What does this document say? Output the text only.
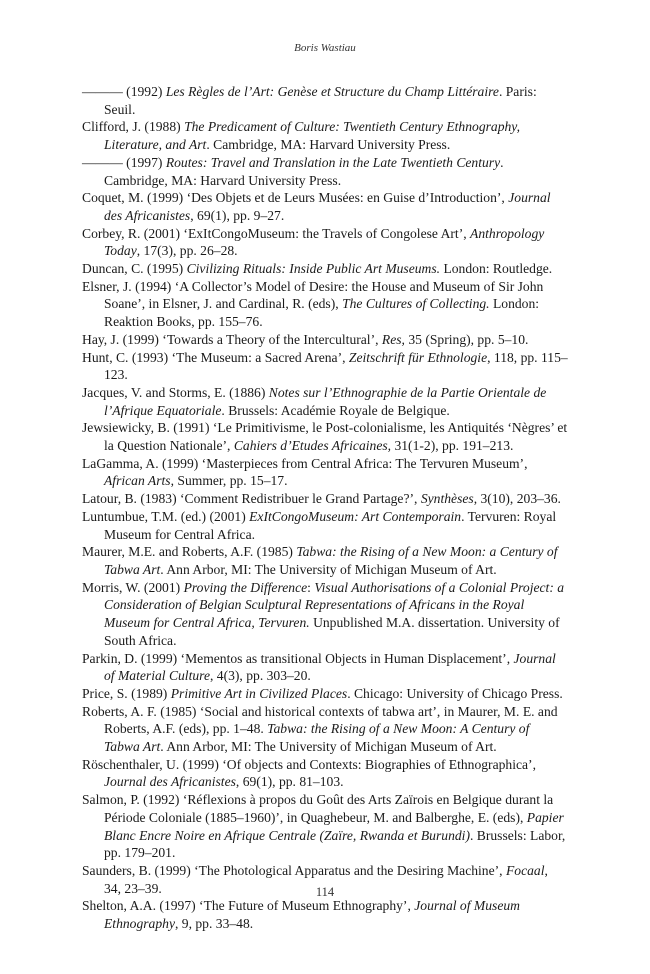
Boris Wastiau

——— (1992) Les Règles de l’Art: Genèse et Structure du Champ Littéraire. Paris: Seuil.

Clifford, J. (1988) The Predicament of Culture: Twentieth Century Ethnography, Literature, and Art. Cambridge, MA: Harvard University Press.

——— (1997) Routes: Travel and Translation in the Late Twentieth Century. Cambridge, MA: Harvard University Press.

Coquet, M. (1999) ‘Des Objets et de Leurs Musées: en Guise d’Introduction’, Journal des Africanistes, 69(1), pp. 9–27.

Corbey, R. (2001) ‘ExItCongoMuseum: the Travels of Congolese Art’, Anthropology Today, 17(3), pp. 26–28.

Duncan, C. (1995) Civilizing Rituals: Inside Public Art Museums. London: Routledge.

Elsner, J. (1994) ‘A Collector’s Model of Desire: the House and Museum of Sir John Soane’, in Elsner, J. and Cardinal, R. (eds), The Cultures of Collecting. London: Reaktion Books, pp. 155–76.

Hay, J. (1999) ‘Towards a Theory of the Intercultural’, Res, 35 (Spring), pp. 5–10.

Hunt, C. (1993) ‘The Museum: a Sacred Arena’, Zeitschrift für Ethnologie, 118, pp. 115–123.

Jacques, V. and Storms, E. (1886) Notes sur l’Ethnographie de la Partie Orientale de l’Afrique Equatoriale. Brussels: Académie Royale de Belgique.

Jewsiewicky, B. (1991) ‘Le Primitivisme, le Post-colonialisme, les Antiquités ‘Nègres’ et la Question Nationale’, Cahiers d’Etudes Africaines, 31(1-2), pp. 191–213.

LaGamma, A. (1999) ‘Masterpieces from Central Africa: The Tervuren Museum’, African Arts, Summer, pp. 15–17.

Latour, B. (1983) ‘Comment Redistribuer le Grand Partage?’, Synthèses, 3(10), 203–36.

Luntumbue, T.M. (ed.) (2001) ExItCongoMuseum: Art Contemporain. Tervuren: Royal Museum for Central Africa.

Maurer, M.E. and Roberts, A.F. (1985) Tabwa: the Rising of a New Moon: a Century of Tabwa Art. Ann Arbor, MI: The University of Michigan Museum of Art.

Morris, W. (2001) Proving the Difference: Visual Authorisations of a Colonial Project: a Consideration of Belgian Sculptural Representations of Africans in the Royal Museum for Central Africa, Tervuren. Unpublished M.A. dissertation. University of South Africa.

Parkin, D. (1999) ‘Mementos as transitional Objects in Human Displacement’, Journal of Material Culture, 4(3), pp. 303–20.

Price, S. (1989) Primitive Art in Civilized Places. Chicago: University of Chicago Press.

Roberts, A. F. (1985) ‘Social and historical contexts of tabwa art’, in Maurer, M. E. and Roberts, A.F. (eds), pp. 1–48. Tabwa: the Rising of a New Moon: A Century of Tabwa Art. Ann Arbor, MI: The University of Michigan Museum of Art.

Röschenthaler, U. (1999) ‘Of objects and Contexts: Biographies of Ethnographica’, Journal des Africanistes, 69(1), pp. 81–103.

Salmon, P. (1992) ‘Réflexions à propos du Goût des Arts Zaïrois en Belgique durant la Période Coloniale (1885–1960)’, in Quaghebeur, M. and Balberghe, E. (eds), Papier Blanc Encre Noire en Afrique Centrale (Zaïre, Rwanda et Burundi). Brussels: Labor, pp. 179–201.

Saunders, B. (1999) ‘The Photological Apparatus and the Desiring Machine’, Focaal, 34, 23–39.

Shelton, A.A. (1997) ‘The Future of Museum Ethnography’, Journal of Museum Ethnography, 9, pp. 33–48.

114
